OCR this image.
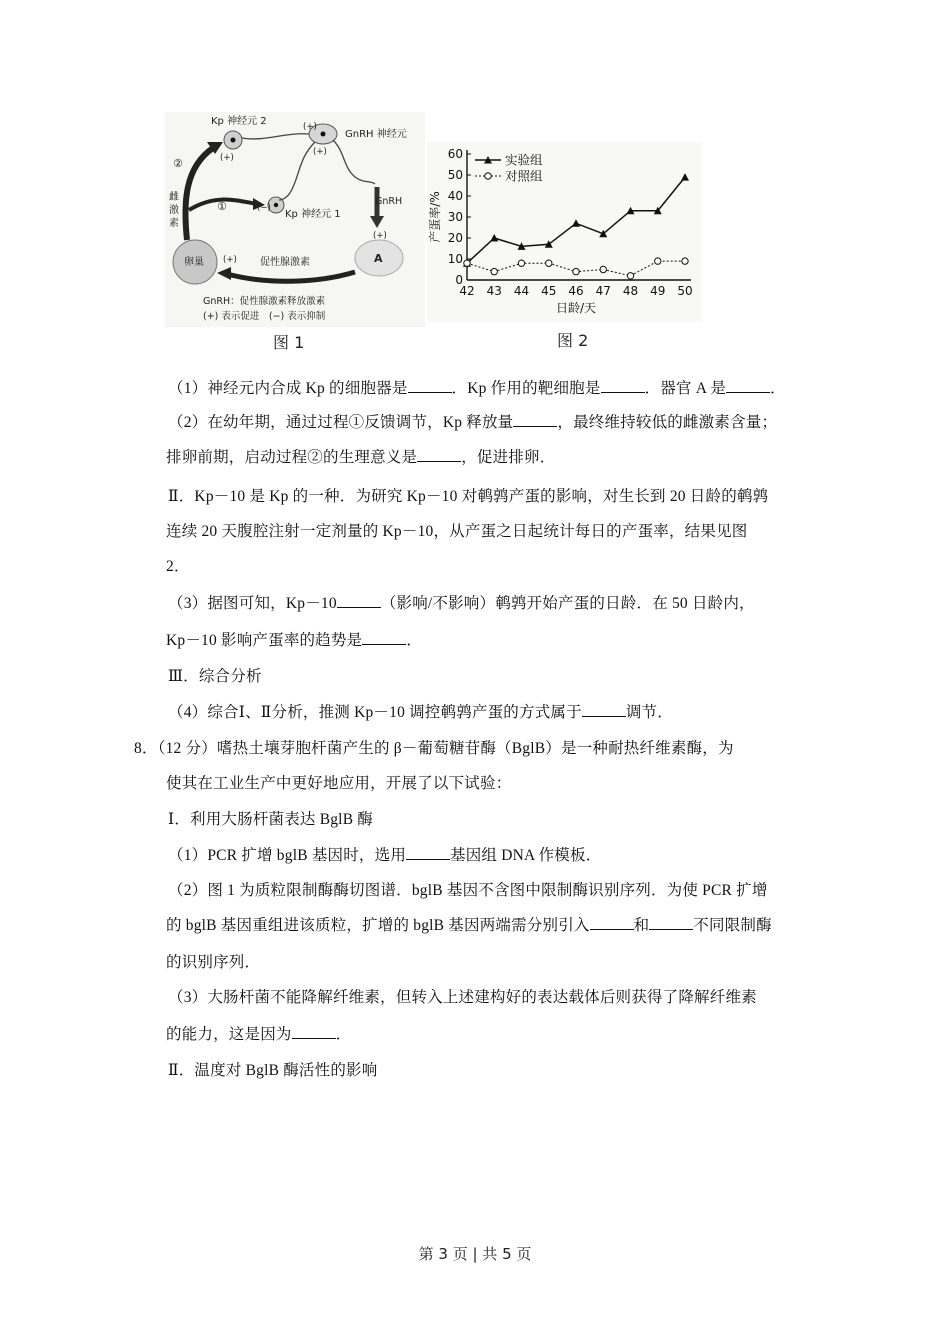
Kp 神经元 2
GnRH 神经元
Kp 神经元 1
GnRH
A
卵巢	促性腺激素
②
①
(+)
(+)
(+)
(+)
(+)
(−)
雌
激
素
GnRH：促性腺激素释放激素
(+) 表示促进　(−) 表示抑制
图 1
0
10
20
30
40
50
60
42 43 44 45 46 47 48 49 50
日龄/天
产蛋率/%
实验组
对照组
图 2
（1）神经元内合成 Kp 的细胞器是	．Kp 作用的靶细胞是	．器官 A 是	．
（2）在幼年期，通过过程①反馈调节，Kp 释放量	，最终维持较低的雌激素含量；
排卵前期，启动过程②的生理意义是	，促进排卵．
Ⅱ．Kp－10 是 Kp 的一种．为研究 Kp－10 对鹌鹑产蛋的影响，对生长到 20 日龄的鹌鹑
连续 20 天腹腔注射一定剂量的 Kp－10，从产蛋之日起统计每日的产蛋率，结果见图
2．
（3）据图可知，Kp－10	（影响/不影响）鹌鹑开始产蛋的日龄．在 50 日龄内，
Kp－10 影响产蛋率的趋势是	．
Ⅲ．综合分析
（4）综合Ⅰ、Ⅱ分析，推测 Kp－10 调控鹌鹑产蛋的方式属于	调节．
8．（12 分）嗜热土壤芽胞杆菌产生的 β－葡萄糖苷酶（BglB）是一种耐热纤维素酶，为
使其在工业生产中更好地应用，开展了以下试验：
Ⅰ．利用大肠杆菌表达 BglB 酶
（1）PCR 扩增 bglB 基因时，选用	基因组 DNA 作模板．
（2）图 1 为质粒限制酶酶切图谱．bglB 基因不含图中限制酶识别序列．为使 PCR 扩增
的 bglB 基因重组进该质粒，扩增的 bglB 基因两端需分别引入	和	不同限制酶
的识别序列．
（3）大肠杆菌不能降解纤维素，但转入上述建构好的表达载体后则获得了降解纤维素
的能力，这是因为	．
Ⅱ．温度对 BglB 酶活性的影响
第 3 页 | 共 5 页
